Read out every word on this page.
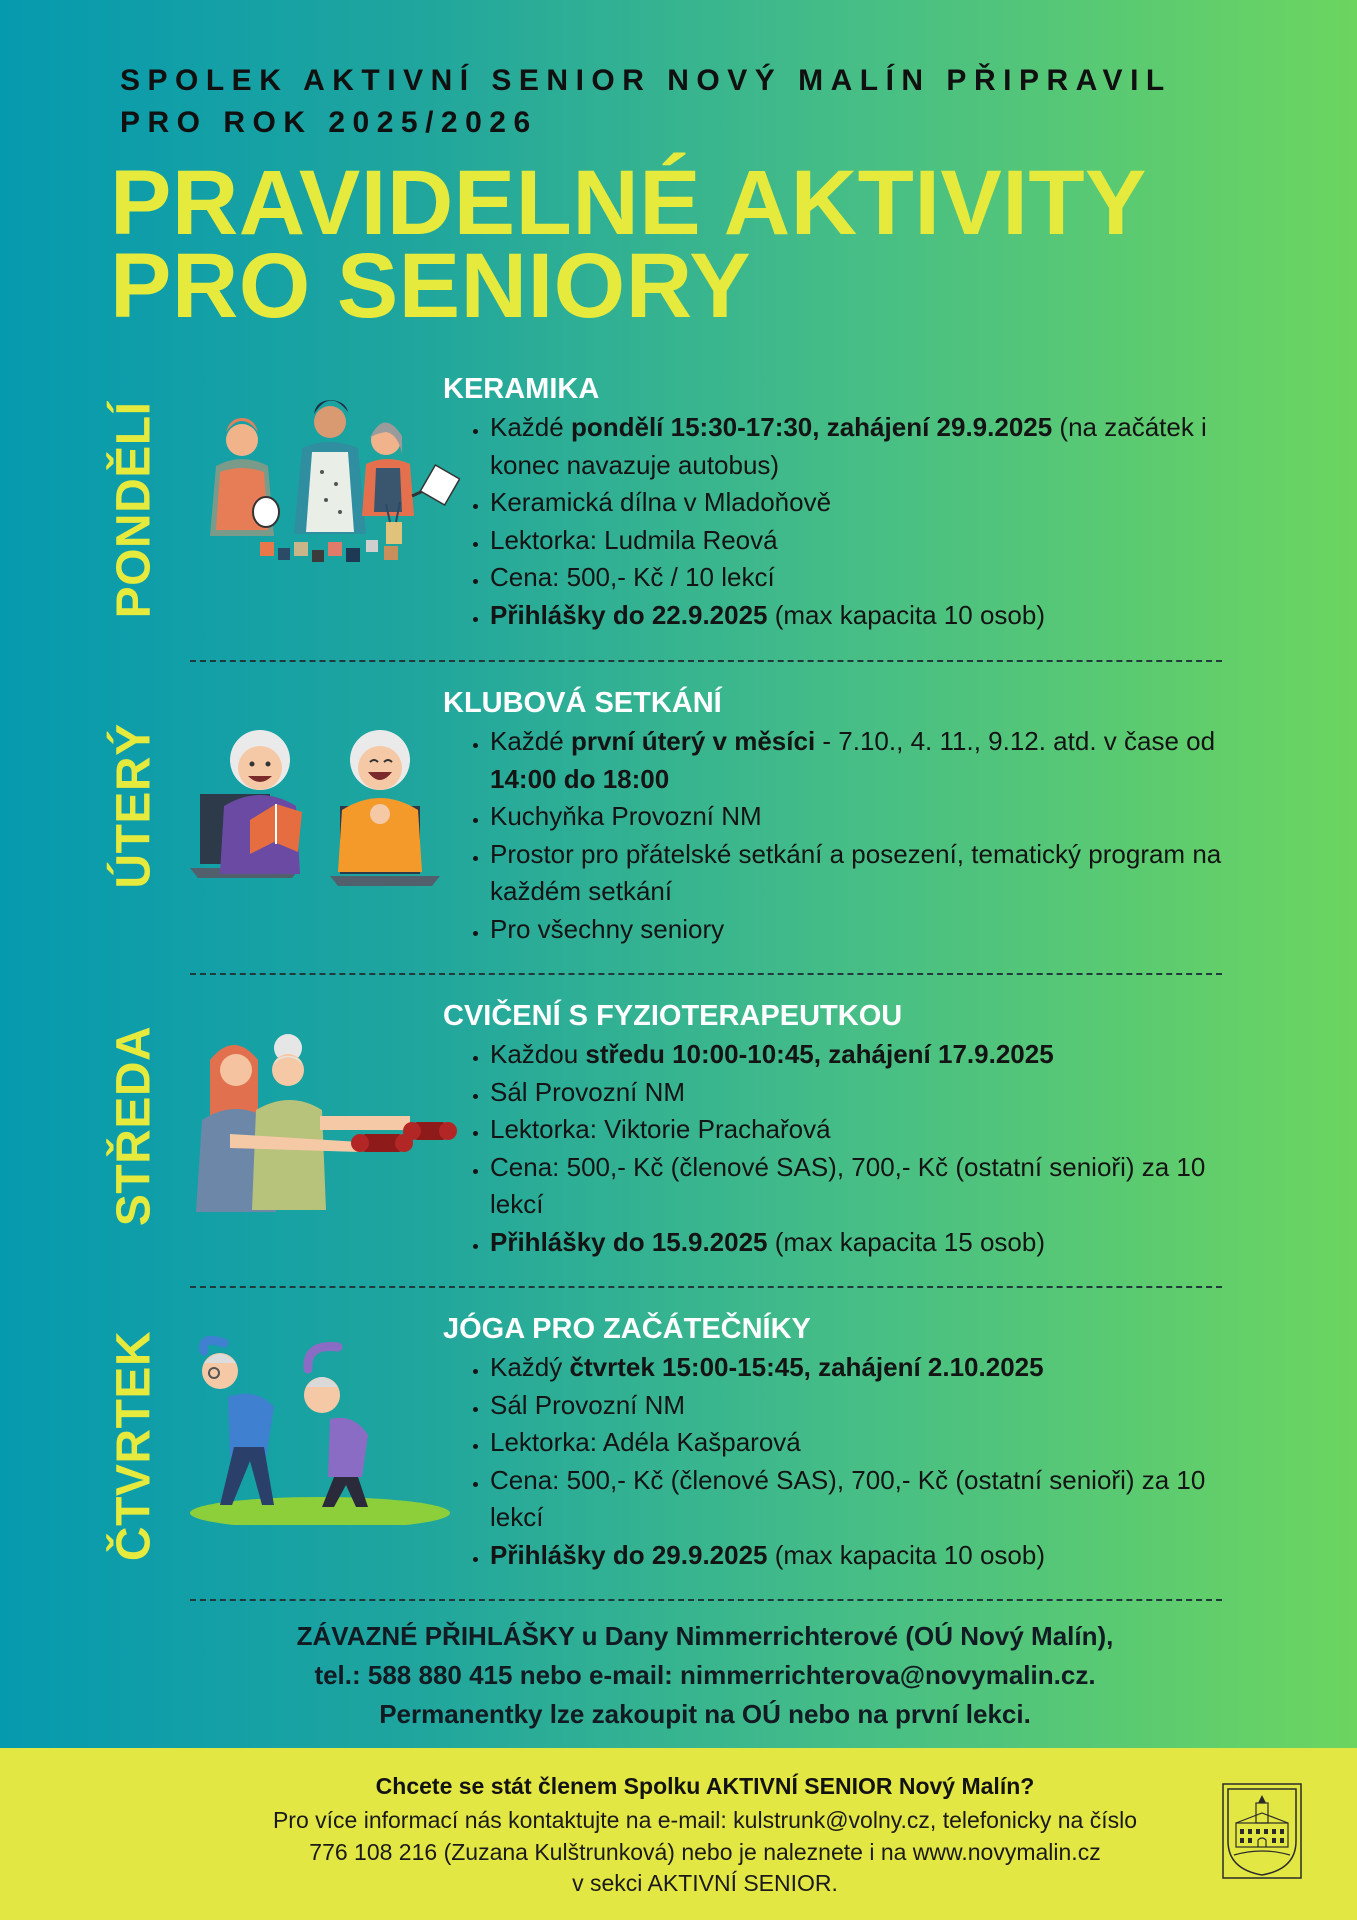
SPOLEK AKTIVNÍ SENIOR NOVÝ MALÍN PŘIPRAVIL
PRO ROK 2025/2026
PRAVIDELNÉ AKTIVITY
PRO SENIORY
PONDĚLÍ
KERAMIKA
• Každé pondělí 15:30-17:30, zahájení 29.9.2025 (na začátek i konec navazuje autobus)
• Keramická dílna v Mladoňově
• Lektorka: Ludmila Reová
• Cena: 500,- Kč / 10 lekcí
• Přihlášky do 22.9.2025 (max kapacita 10 osob)
ÚTERÝ
KLUBOVÁ SETKÁNÍ
• Každé první úterý v měsíci - 7.10., 4. 11., 9.12. atd. v čase od 14:00 do 18:00
• Kuchyňka Provozní NM
• Prostor pro přátelské setkání a posezení, tematický program na každém setkání
• Pro všechny seniory
STŘEDA
CVIČENÍ S FYZIOTERAPEUTKOU
• Každou středu 10:00-10:45, zahájení 17.9.2025
• Sál Provozní NM
• Lektorka: Viktorie Prachařová
• Cena: 500,- Kč (členové SAS), 700,- Kč (ostatní senioři) za 10 lekcí
• Přihlášky do 15.9.2025 (max kapacita 15 osob)
ČTVRTEK
JÓGA PRO ZAČÁTEČNÍKY
• Každý čtvrtek 15:00-15:45, zahájení 2.10.2025
• Sál Provozní NM
• Lektorka: Adéla Kašparová
• Cena: 500,- Kč (členové SAS), 700,- Kč (ostatní senioři) za 10 lekcí
• Přihlášky do 29.9.2025 (max kapacita 10 osob)
ZÁVAZNÉ PŘIHLÁŠKY u Dany Nimmerrichterové (OÚ Nový Malín),
tel.: 588 880 415 nebo e-mail: nimmerrichterova@novymalin.cz.
Permanentky lze zakoupit na OÚ nebo na první lekci.
Chcete se stát členem Spolku AKTIVNÍ SENIOR Nový Malín?
Pro více informací nás kontaktujte na e-mail: kulstrunk@volny.cz, telefonicky na číslo
776 108 216 (Zuzana Kulštrunková) nebo je naleznete i na www.novymalin.cz
v sekci AKTIVNÍ SENIOR.
